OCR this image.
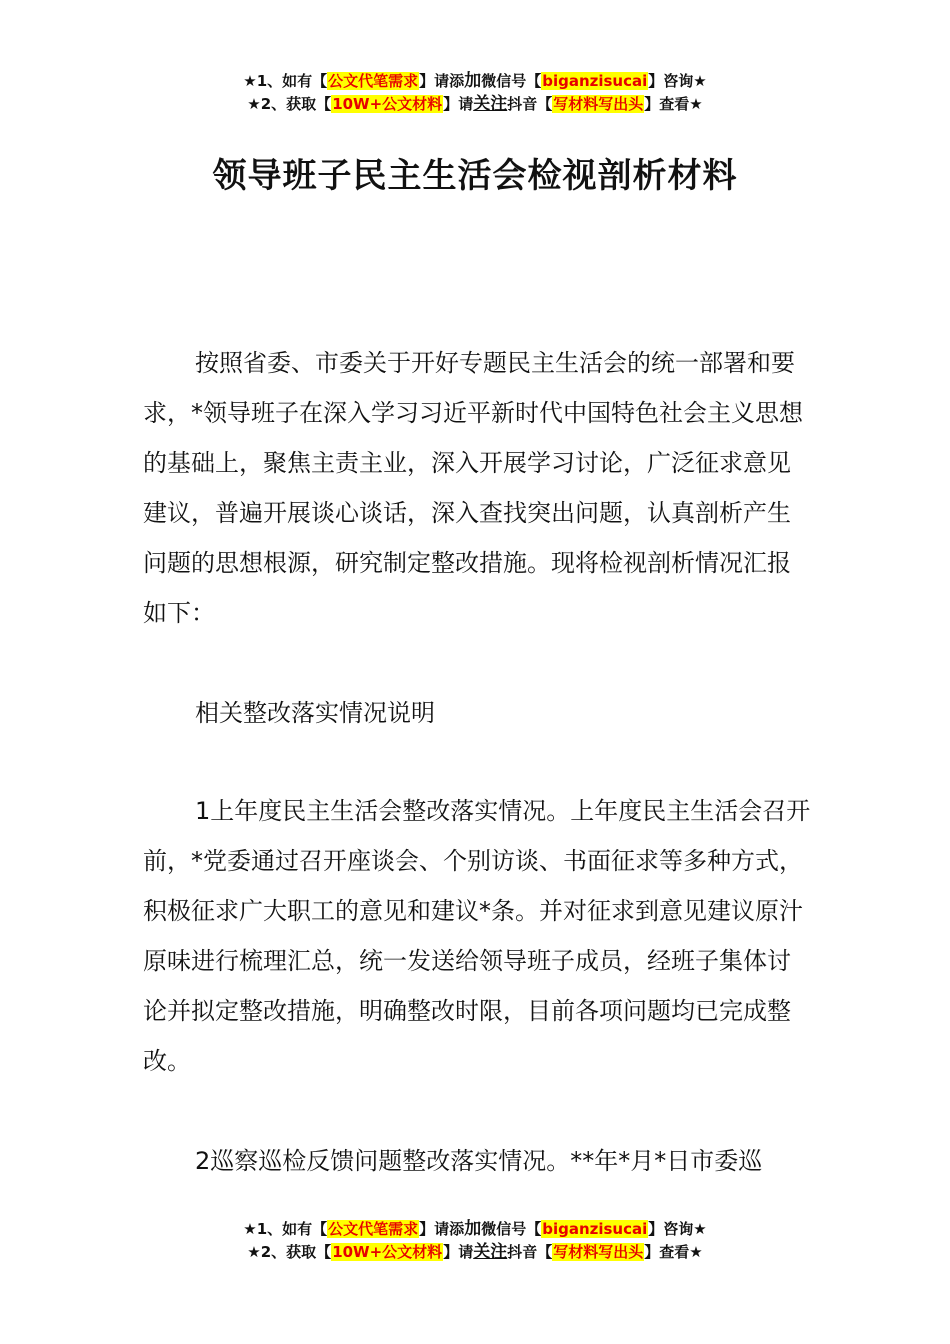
★1、如有【公文代笔需求】请添加微信号【biganzisucai】咨询★
★2、获取【10W+公文材料】请关注抖音【写材料写出头】查看★
领导班子民主生活会检视剖析材料

按照省委、市委关于开好专题民主生活会的统一部署和要求，*领导班子在深入学习习近平新时代中国特色社会主义思想的基础上，聚焦主责主业，深入开展学习讨论，广泛征求意见建议，普遍开展谈心谈话，深入查找突出问题，认真剖析产生问题的思想根源，研究制定整改措施。现将检视剖析情况汇报如下：

相关整改落实情况说明

1上年度民主生活会整改落实情况。上年度民主生活会召开前，*党委通过召开座谈会、个别访谈、书面征求等多种方式，积极征求广大职工的意见和建议*条。并对征求到意见建议原汁原味进行梳理汇总，统一发送给领导班子成员，经班子集体讨论并拟定整改措施，明确整改时限，目前各项问题均已完成整改。

2巡察巡检反馈问题整改落实情况。**年*月*日市委巡

★1、如有【公文代笔需求】请添加微信号【biganzisucai】咨询★
★2、获取【10W+公文材料】请关注抖音【写材料写出头】查看★
